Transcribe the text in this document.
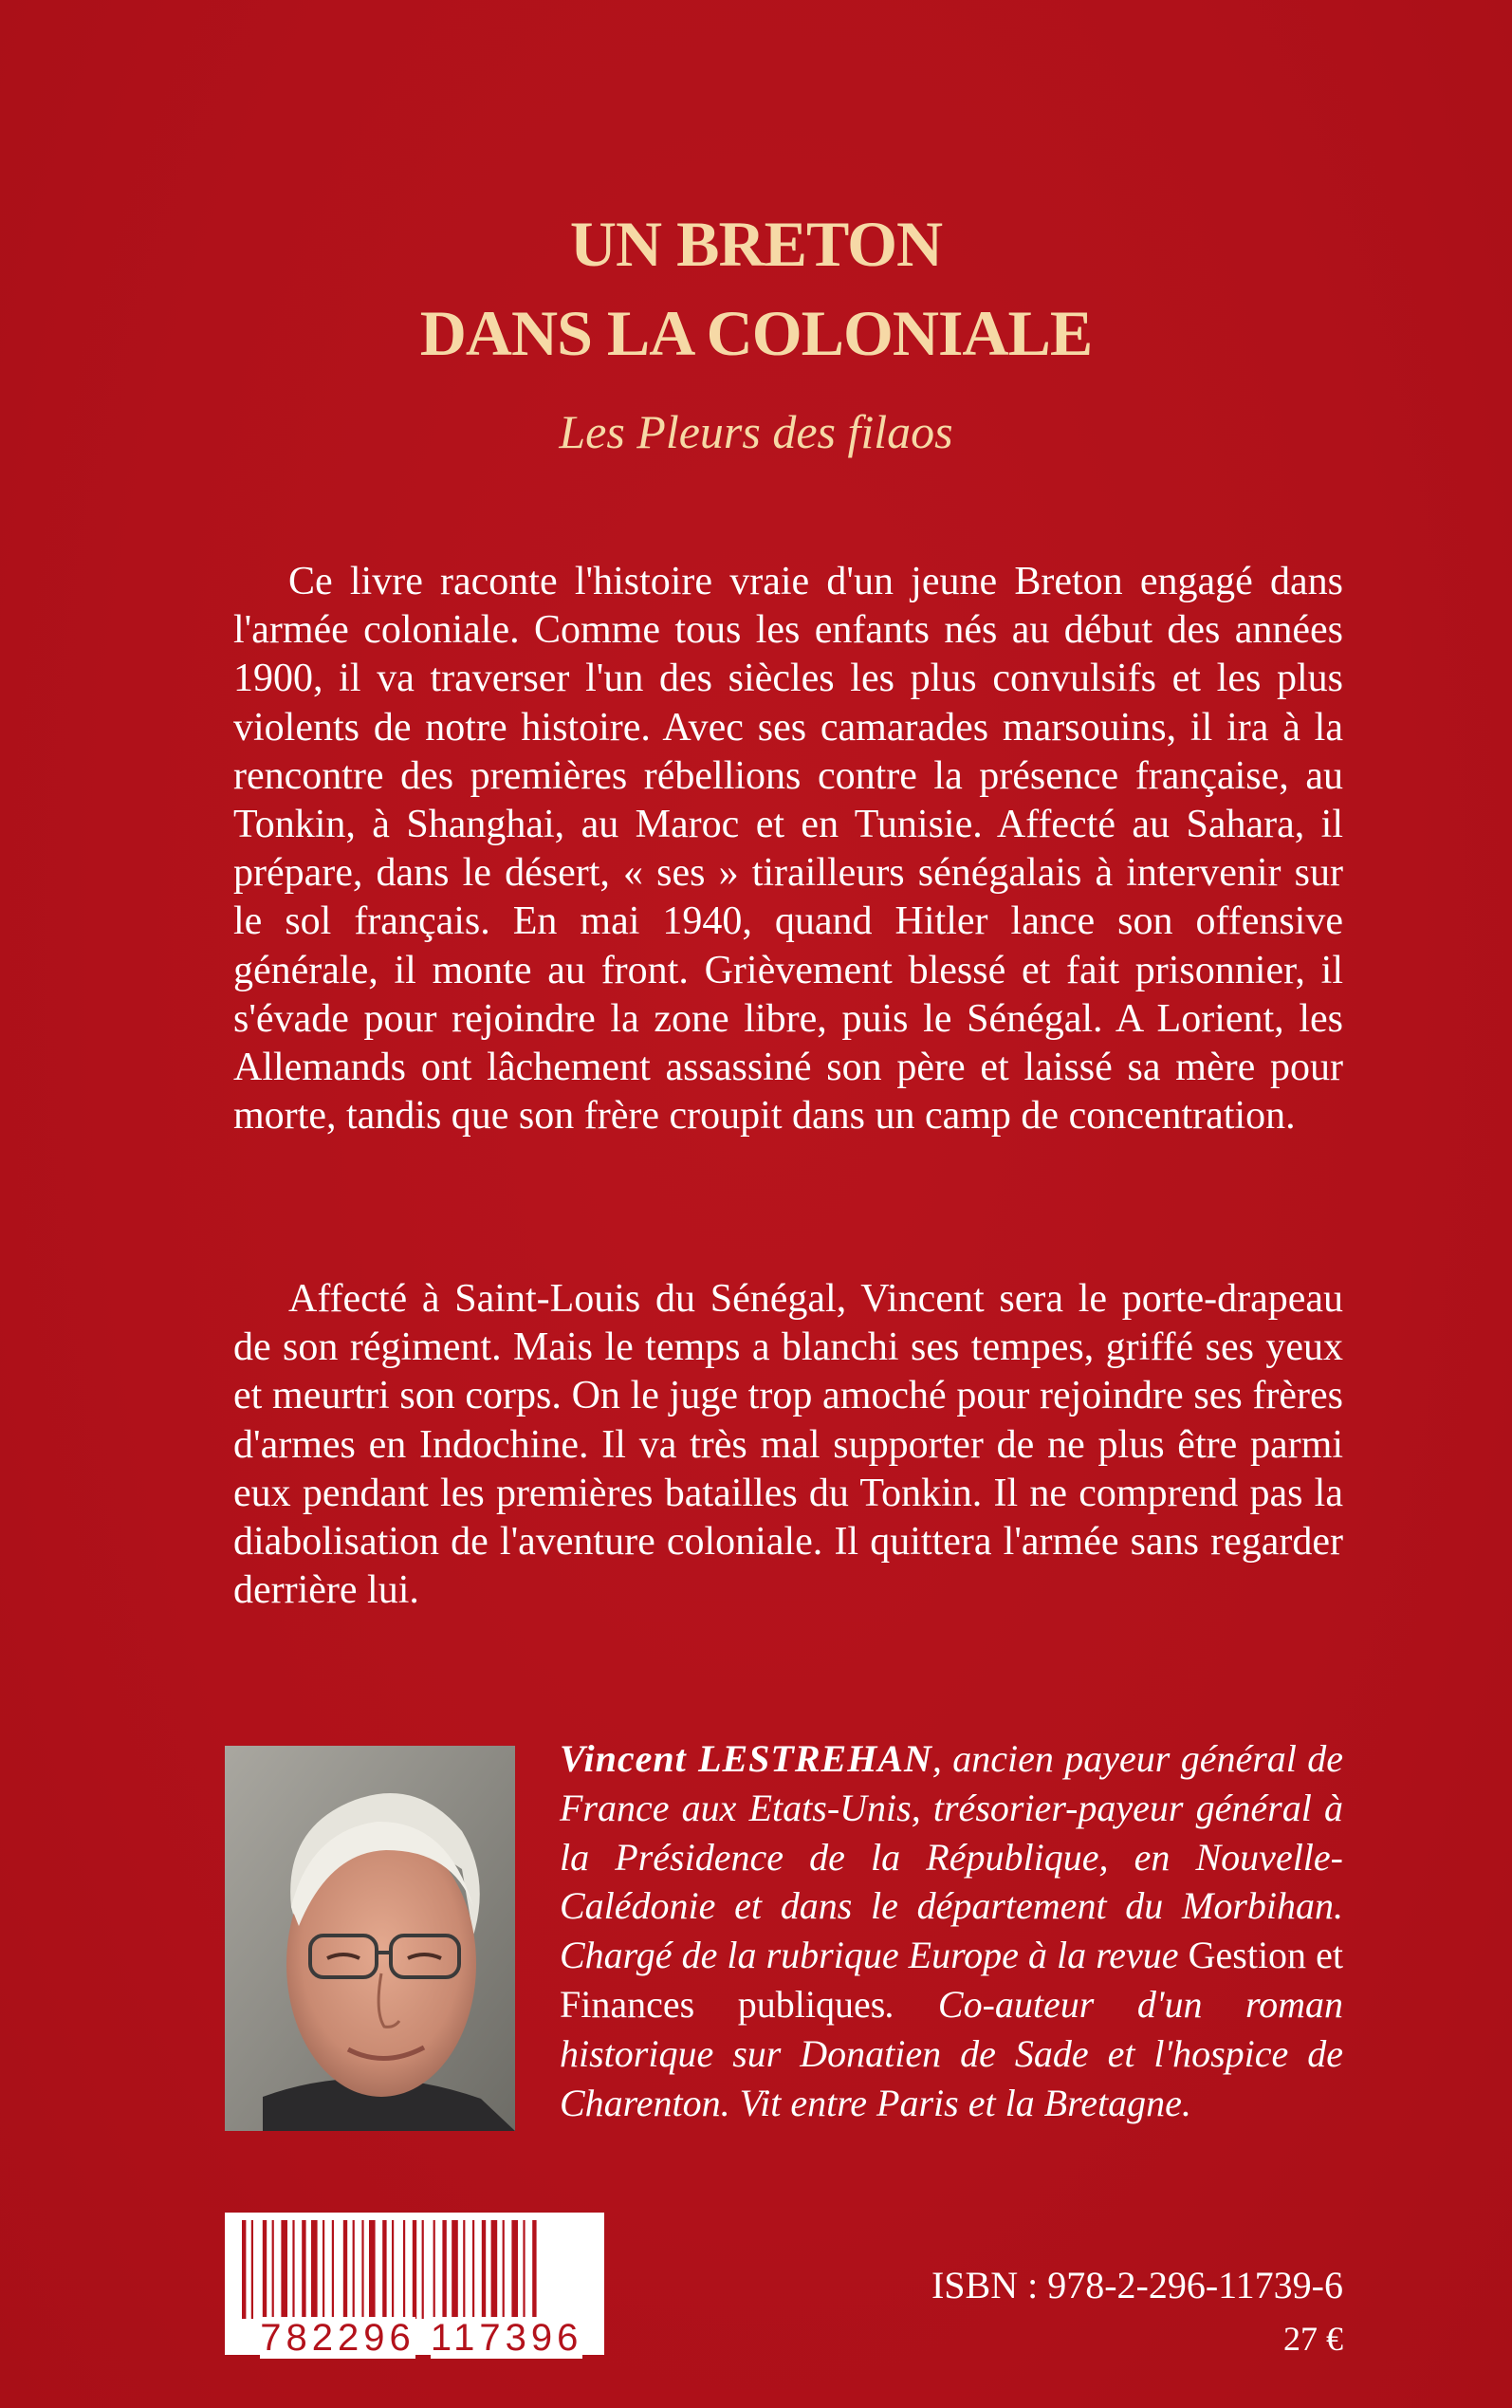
UN BRETON
DANS LA COLONIALE
Les Pleurs des filaos

Ce livre raconte l'histoire vraie d'un jeune Breton engagé dans l'armée coloniale. Comme tous les enfants nés au début des années 1900, il va traverser l'un des siècles les plus convulsifs et les plus violents de notre histoire. Avec ses camarades marsouins, il ira à la rencontre des premières rébellions contre la présence française, au Tonkin, à Shanghai, au Maroc et en Tunisie. Affecté au Sahara, il prépare, dans le désert, « ses » tirailleurs sénégalais à intervenir sur le sol français. En mai 1940, quand Hitler lance son offensive générale, il monte au front. Grièvement blessé et fait prisonnier, il s'évade pour rejoindre la zone libre, puis le Sénégal. A Lorient, les Allemands ont lâchement assassiné son père et laissé sa mère pour morte, tandis que son frère croupit dans un camp de concentration.

Affecté à Saint-Louis du Sénégal, Vincent sera le porte-drapeau de son régiment. Mais le temps a blanchi ses tempes, griffé ses yeux et meurtri son corps. On le juge trop amoché pour rejoindre ses frères d'armes en Indochine. Il va très mal supporter de ne plus être parmi eux pendant les premières batailles du Tonkin. Il ne comprend pas la diabolisation de l'aventure coloniale. Il quittera l'armée sans regarder derrière lui.

Vincent LESTREHAN, ancien payeur général de France aux Etats-Unis, trésorier-payeur général à la Présidence de la République, en Nouvelle-Calédonie et dans le département du Morbihan. Chargé de la rubrique Europe à la revue Gestion et Finances publiques. Co-auteur d'un roman historique sur Donatien de Sade et l'hospice de Charenton. Vit entre Paris et la Bretagne.

9 782296 117396
ISBN : 978-2-296-11739-6
27 €
